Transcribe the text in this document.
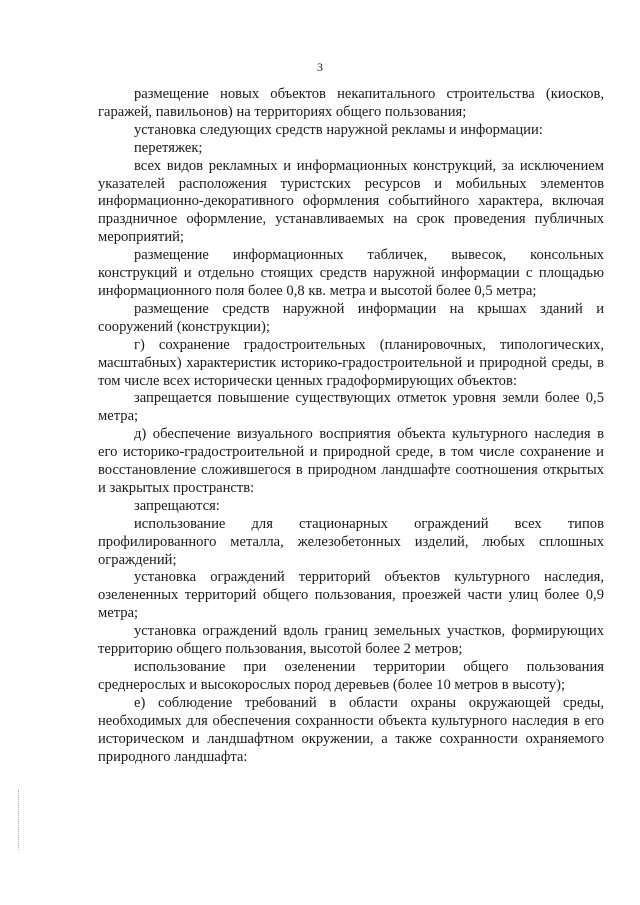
3

размещение новых объектов некапитального строительства (киосков, гаражей, павильонов) на территориях общего пользования;

установка следующих средств наружной рекламы и информации:

перетяжек;

всех видов рекламных и информационных конструкций, за исключением указателей расположения туристских ресурсов и мобильных элементов информационно-декоративного оформления событийного характера, включая праздничное оформление, устанавливаемых на срок проведения публичных мероприятий;

размещение информационных табличек, вывесок, консольных конструкций и отдельно стоящих средств наружной информации с площадью информационного поля более 0,8 кв. метра и высотой более 0,5 метра;

размещение средств наружной информации на крышах зданий и сооружений (конструкции);

г) сохранение градостроительных (планировочных, типологических, масштабных) характеристик историко-градостроительной и природной среды, в том числе всех исторически ценных градоформирующих объектов:

запрещается повышение существующих отметок уровня земли более 0,5 метра;

д) обеспечение визуального восприятия объекта культурного наследия в его историко-градостроительной и природной среде, в том числе сохранение и восстановление сложившегося в природном ландшафте соотношения открытых и закрытых пространств:

запрещаются:

использование для стационарных ограждений всех типов профилированного металла, железобетонных изделий, любых сплошных ограждений;

установка ограждений территорий объектов культурного наследия, озелененных территорий общего пользования, проезжей части улиц более 0,9 метра;

установка ограждений вдоль границ земельных участков, формирующих территорию общего пользования, высотой более 2 метров;

использование при озеленении территории общего пользования среднерослых и высокорослых пород деревьев (более 10 метров в высоту);

е) соблюдение требований в области охраны окружающей среды, необходимых для обеспечения сохранности объекта культурного наследия в его историческом и ландшафтном окружении, а также сохранности охраняемого природного ландшафта:
